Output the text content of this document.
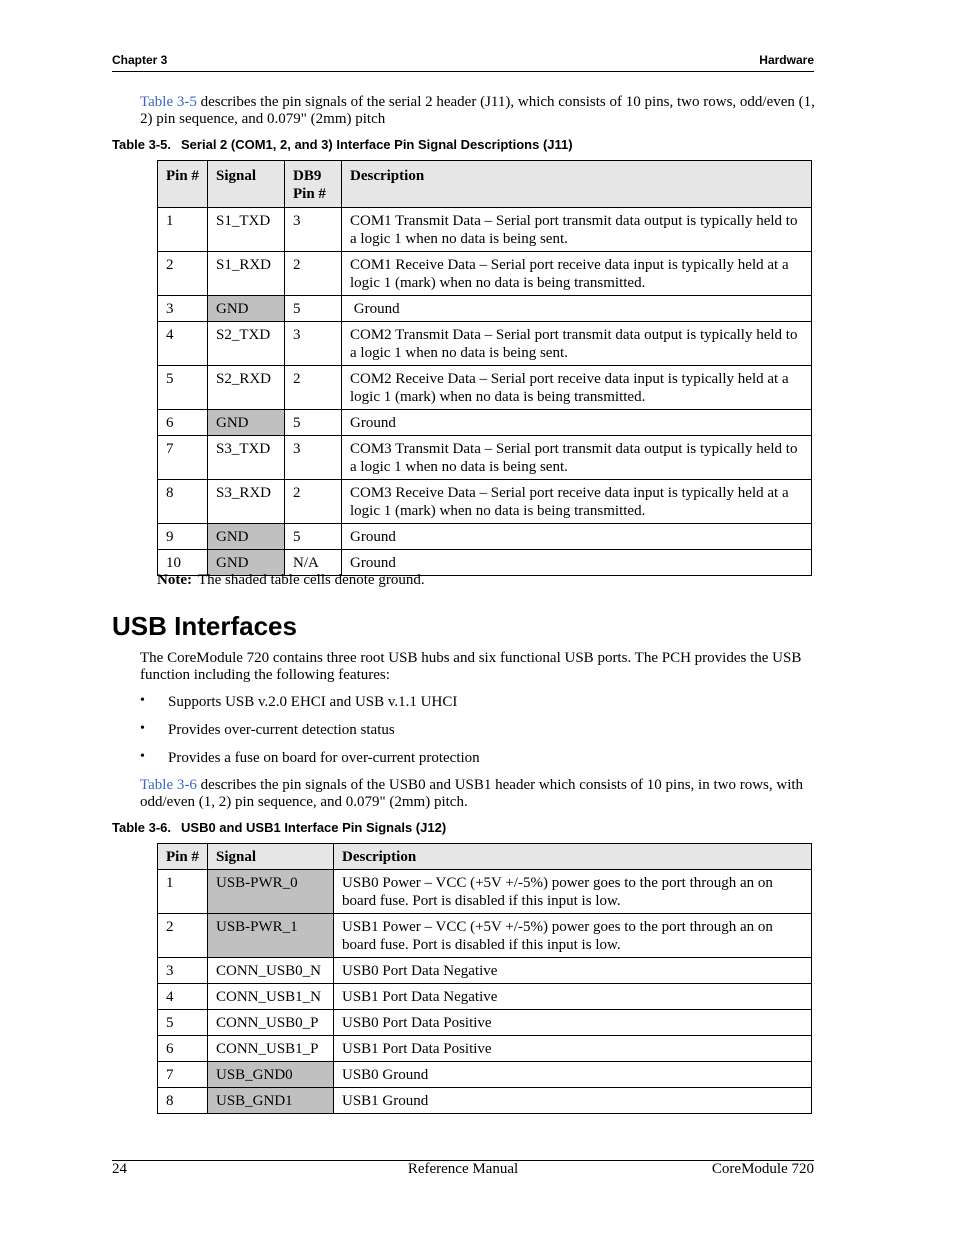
Chapter 3	Hardware
Table 3-5 describes the pin signals of the serial 2 header (J11), which consists of 10 pins, two rows, odd/even (1, 2) pin sequence, and 0.079" (2mm) pitch
Table 3-5. Serial 2 (COM1, 2, and 3) Interface Pin Signal Descriptions (J11)
Pin #	Signal	DB9 Pin #	Description
1	S1_TXD	3	COM1 Transmit Data – Serial port transmit data output is typically held to a logic 1 when no data is being sent.
2	S1_RXD	2	COM1 Receive Data – Serial port receive data input is typically held at a logic 1 (mark) when no data is being transmitted.
3	GND	5	Ground
4	S2_TXD	3	COM2 Transmit Data – Serial port transmit data output is typically held to a logic 1 when no data is being sent.
5	S2_RXD	2	COM2 Receive Data – Serial port receive data input is typically held at a logic 1 (mark) when no data is being transmitted.
6	GND	5	Ground
7	S3_TXD	3	COM3 Transmit Data – Serial port transmit data output is typically held to a logic 1 when no data is being sent.
8	S3_RXD	2	COM3 Receive Data – Serial port receive data input is typically held at a logic 1 (mark) when no data is being transmitted.
9	GND	5	Ground
10	GND	N/A	Ground
Note: The shaded table cells denote ground.
USB Interfaces
The CoreModule 720 contains three root USB hubs and six functional USB ports. The PCH provides the USB function including the following features:
• Supports USB v.2.0 EHCI and USB v.1.1 UHCI
• Provides over-current detection status
• Provides a fuse on board for over-current protection
Table 3-6 describes the pin signals of the USB0 and USB1 header which consists of 10 pins, in two rows, with odd/even (1, 2) pin sequence, and 0.079" (2mm) pitch.
Table 3-6. USB0 and USB1 Interface Pin Signals (J12)
Pin #	Signal	Description
1	USB-PWR_0	USB0 Power – VCC (+5V +/-5%) power goes to the port through an on board fuse. Port is disabled if this input is low.
2	USB-PWR_1	USB1 Power – VCC (+5V +/-5%) power goes to the port through an on board fuse. Port is disabled if this input is low.
3	CONN_USB0_N	USB0 Port Data Negative
4	CONN_USB1_N	USB1 Port Data Negative
5	CONN_USB0_P	USB0 Port Data Positive
6	CONN_USB1_P	USB1 Port Data Positive
7	USB_GND0	USB0 Ground
8	USB_GND1	USB1 Ground
24	Reference Manual	CoreModule 720
